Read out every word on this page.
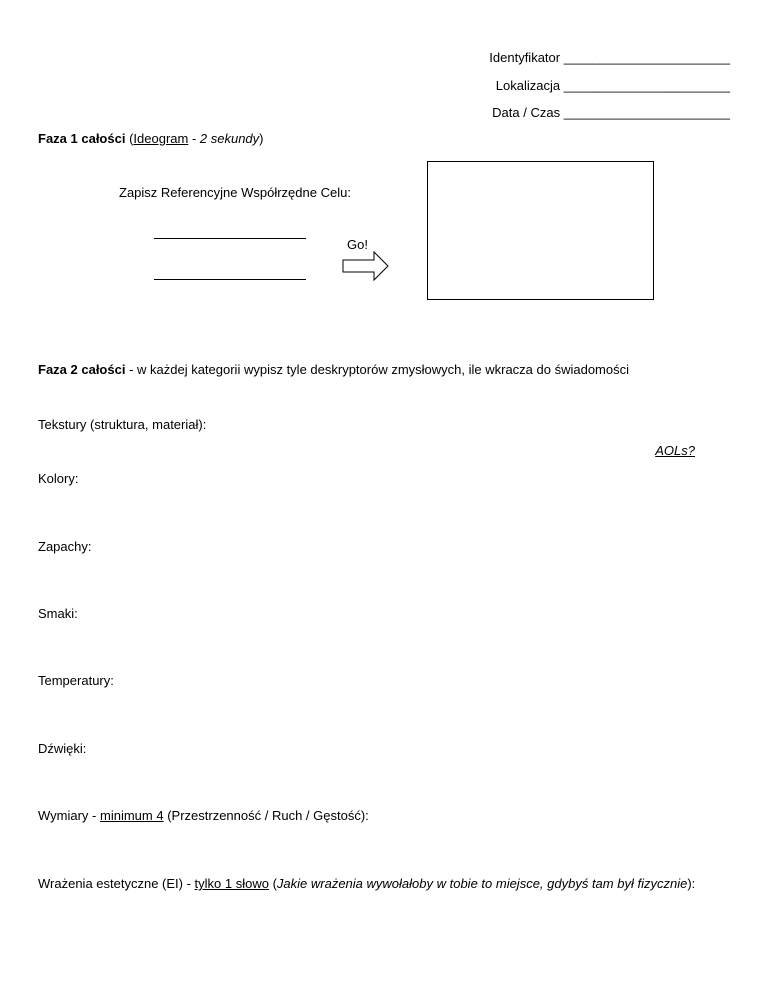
Identyfikator _______________________
Lokalizacja _______________________
Data / Czas _______________________
Faza 1 całości (Ideogram - 2 sekundy)
Zapisz Referencyjne Współrzędne Celu:
Go!
Faza 2 całości - w każdej kategorii wypisz tyle deskryptorów zmysłowych, ile wkracza do świadomości
Tekstury (struktura, materiał):
AOLs?
Kolory:
Zapachy:
Smaki:
Temperatury:
Dźwięki:
Wymiary - minimum 4 (Przestrzenność / Ruch / Gęstość):
Wrażenia estetyczne (EI) - tylko 1 słowo (Jakie wrażenia wywołałoby w tobie to miejsce, gdybyś tam był fizycznie):
